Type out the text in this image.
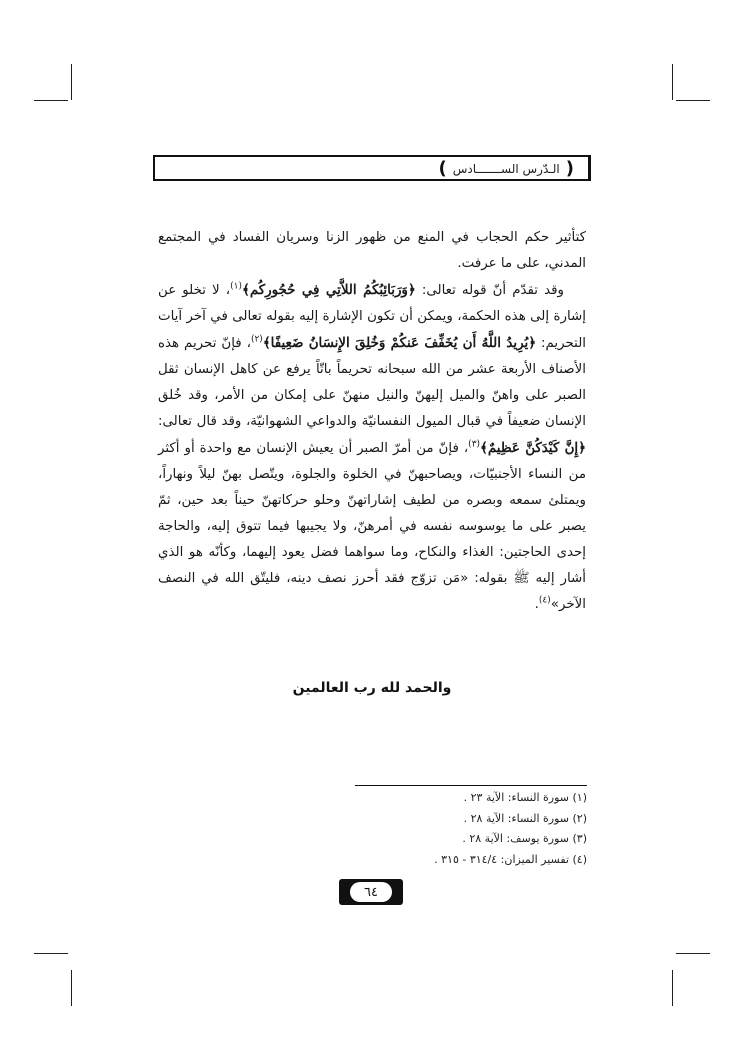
(
الـدّرس الســـــــادس
)

كتأثير حكم الحجاب في المنع من ظهور الزنا وسريان الفساد في المجتمع المدني، على ما عرفت.

وقد تقدّم أنّ قوله تعالى: ﴿وَرَبَائِبُكُمُ اللاَّتِي فِي حُجُورِكُم﴾$^{(١)}$، لا تخلو عن إشارة إلى هذه الحكمة، ويمكن أن تكون الإشارة إليه بقوله تعالى في آخر آيات التحريم: ﴿يُرِيدُ اللَّهُ أَن يُخَفِّفَ عَنكُمْ وَخُلِقَ الإِنسَانُ ضَعِيفًا﴾$^{(٢)}$، فإنّ تحريم هذه الأصناف الأربعة عشر من الله سبحانه تحريماً باتّاً يرفع عن كاهل الإنسان ثقل الصبر على واهنّ والميل إليهنّ والنيل منهنّ على إمكان من الأمر، وقد خُلق الإنسان ضعيفاً في قبال الميول النفسانيّة والدواعي الشهوانيّة، وقد قال تعالى: ﴿إِنَّ كَيْدَكُنَّ عَظِيمٌ﴾$^{(٣)}$، فإنّ من أمرّ الصبر أن يعيش الإنسان مع واحدة أو أكثر من النساء الأجنبيّات، ويصاحبهنّ في الخلوة والجلوة، ويتّصل بهنّ ليلاً ونهاراً، ويمتلئ سمعه وبصره من لطيف إشاراتهنّ وحلو حركاتهنّ حيناً بعد حين، ثمّ يصبر على ما يوسوسه نفسه في أمرهنّ، ولا يجيبها فيما تتوق إليه، والحاجة إحدى الحاجتين: الغذاء والنكاح، وما سواهما فضل يعود إليهما، وكأنّه هو الذي أشار إليه ﷺ بقوله: «مَن تزوّج فقد أحرز نصف دينه، فليتّق الله في النصف الآخر»$^{(٤)}$.

والحمد لله رب العالمين
(١) سورة النساء: الآية ٢٣ .
(٢) سورة النساء: الآية ٢٨ .
(٣) سورة يوسف: الآية ٢٨ .
(٤) تفسير الميزان: ٣١٤/٤ - ٣١٥ .
٦٤
